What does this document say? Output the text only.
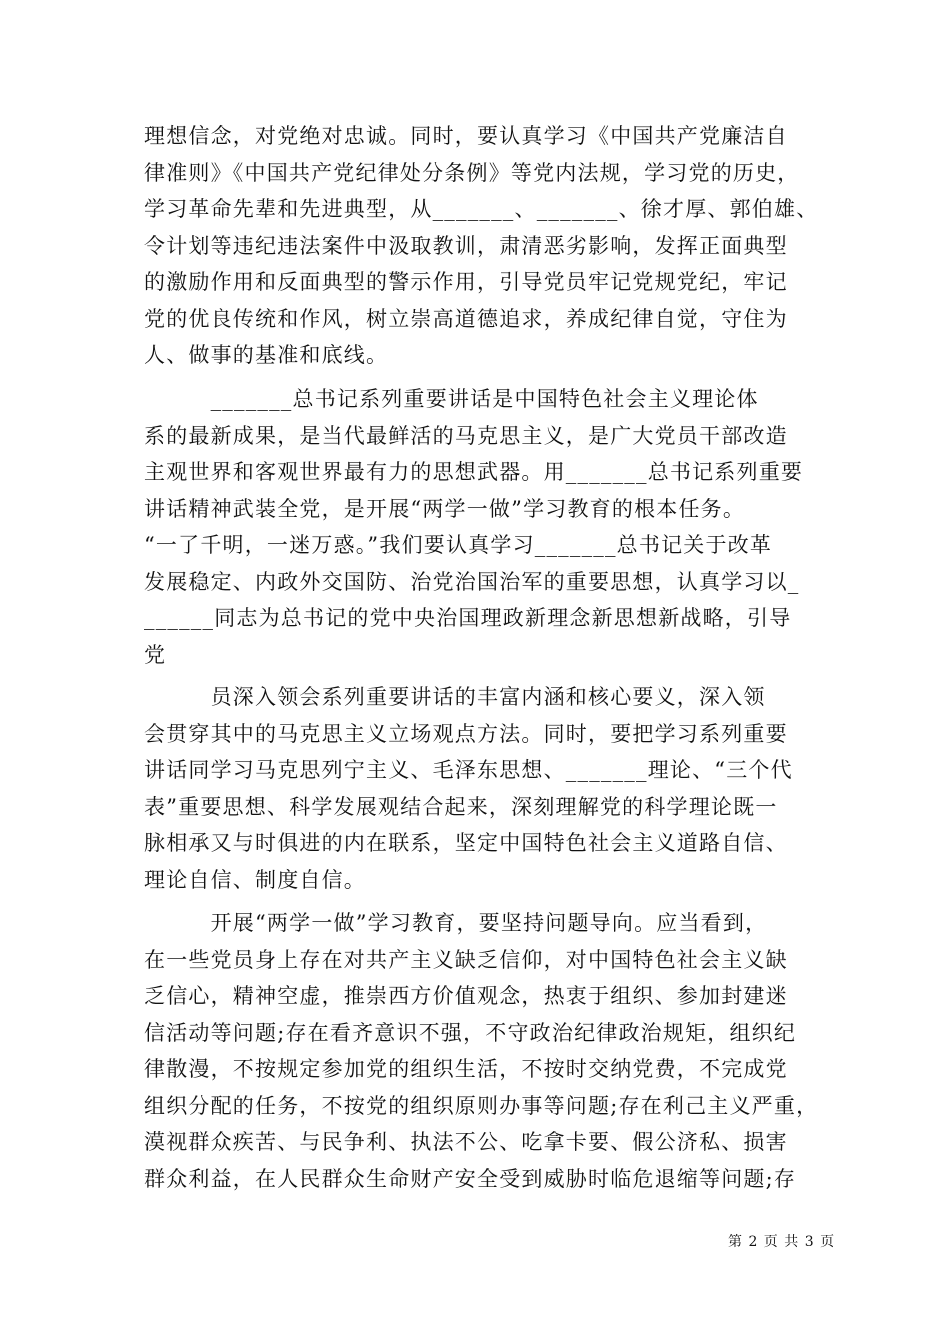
理想信念，对党绝对忠诚。同时，要认真学习《中国共产党廉洁自
律准则》《中国共产党纪律处分条例》等党内法规，学习党的历史，
学习革命先辈和先进典型，从_______、_______、徐才厚、郭伯雄、
令计划等违纪违法案件中汲取教训，肃清恶劣影响，发挥正面典型
的激励作用和反面典型的警示作用，引导党员牢记党规党纪，牢记
党的优良传统和作风，树立崇高道德追求，养成纪律自觉，守住为
人、做事的基准和底线。
　　　_______总书记系列重要讲话是中国特色社会主义理论体
系的最新成果，是当代最鲜活的马克思主义，是广大党员干部改造
主观世界和客观世界最有力的思想武器。用_______总书记系列重要
讲话精神武装全党，是开展“两学一做”学习教育的根本任务。
“一了千明，一迷万惑。”我们要认真学习_______总书记关于改革
发展稳定、内政外交国防、治党治国治军的重要思想，认真学习以_
______同志为总书记的党中央治国理政新理念新思想新战略，引导
党
　　　员深入领会系列重要讲话的丰富内涵和核心要义，深入领
会贯穿其中的马克思主义立场观点方法。同时，要把学习系列重要
讲话同学习马克思列宁主义、毛泽东思想、_______理论、“三个代
表”重要思想、科学发展观结合起来，深刻理解党的科学理论既一
脉相承又与时俱进的内在联系，坚定中国特色社会主义道路自信、
理论自信、制度自信。
　　　开展“两学一做”学习教育，要坚持问题导向。应当看到，
在一些党员身上存在对共产主义缺乏信仰，对中国特色社会主义缺
乏信心，精神空虚，推崇西方价值观念，热衷于组织、参加封建迷
信活动等问题;存在看齐意识不强，不守政治纪律政治规矩，组织纪
律散漫，不按规定参加党的组织生活，不按时交纳党费，不完成党
组织分配的任务，不按党的组织原则办事等问题;存在利己主义严重，
漠视群众疾苦、与民争利、执法不公、吃拿卡要、假公济私、损害
群众利益，在人民群众生命财产安全受到威胁时临危退缩等问题;存
第 2 页 共 3 页
